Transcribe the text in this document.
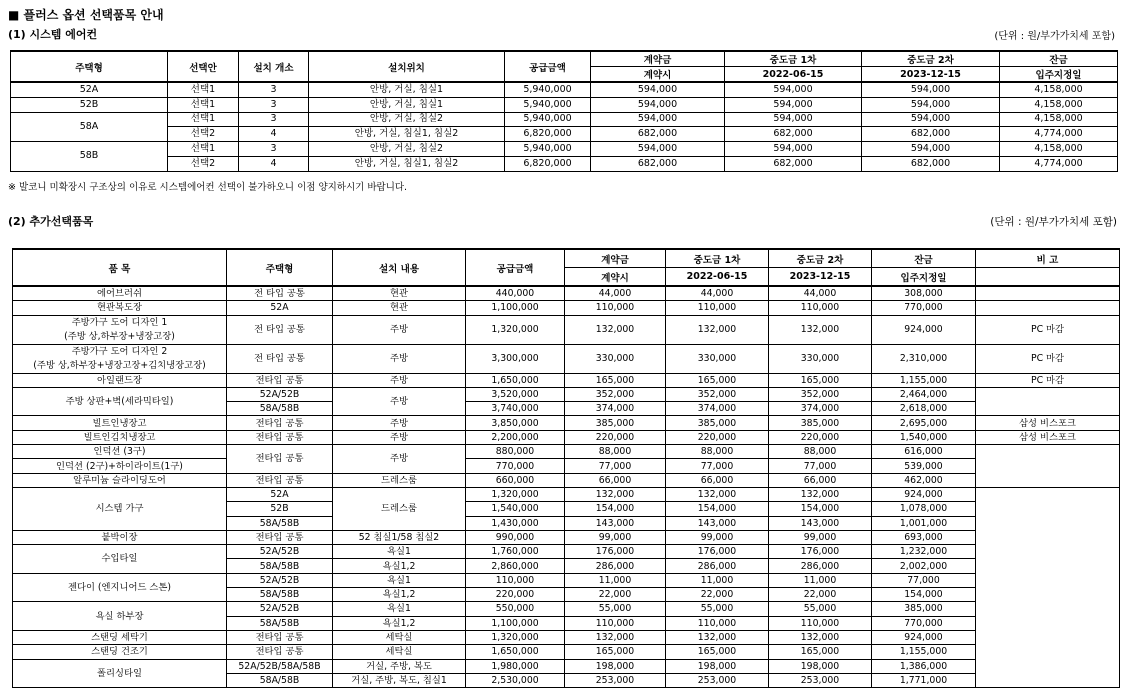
■ 플러스 옵션 선택품목 안내
(1) 시스템 에어컨	(단위 : 원/부가가치세 포함)
주택형	선택안	설치 개소	설치위치	공급금액	계약금	중도금 1차	중도금 2차	잔금
					계약시	2022-06-15	2023-12-15	입주지정일
52A	선택1	3	안방, 거실, 침실1	5,940,000	594,000	594,000	594,000	4,158,000
52B	선택1	3	안방, 거실, 침실1	5,940,000	594,000	594,000	594,000	4,158,000
58A	선택1	3	안방, 거실, 침실2	5,940,000	594,000	594,000	594,000	4,158,000
	선택2	4	안방, 거실, 침실1, 침실2	6,820,000	682,000	682,000	682,000	4,774,000
58B	선택1	3	안방, 거실, 침실2	5,940,000	594,000	594,000	594,000	4,158,000
	선택2	4	안방, 거실, 침실1, 침실2	6,820,000	682,000	682,000	682,000	4,774,000
※ 발코니 미확장시 구조상의 이유로 시스템에어컨 선택이 불가하오니 이점 양지하시기 바랍니다.
(2) 추가선택품목	(단위 : 원/부가가치세 포함)
품 목	주택형	설치 내용	공급금액	계약금	중도금 1차	중도금 2차	잔금	비 고
				계약시	2022-06-15	2023-12-15	입주지정일	
에어브러쉬	전 타입 공통	현관	440,000	44,000	44,000	44,000	308,000	
현관복도장	52A	현관	1,100,000	110,000	110,000	110,000	770,000	
주방가구 도어 디자인 1
(주방 상,하부장+냉장고장)	전 타입 공통	주방	1,320,000	132,000	132,000	132,000	924,000	PC 마감
주방가구 도어 디자인 2
(주방 상,하부장+냉장고장+김치냉장고장)	전 타입 공통	주방	3,300,000	330,000	330,000	330,000	2,310,000	PC 마감
아일랜드장	전타입 공통	주방	1,650,000	165,000	165,000	165,000	1,155,000	PC 마감
주방 상판+벽(세라믹타일)	52A/52B	주방	3,520,000	352,000	352,000	352,000	2,464,000	
	58A/58B		3,740,000	374,000	374,000	374,000	2,618,000	
빌트인냉장고	전타입 공통	주방	3,850,000	385,000	385,000	385,000	2,695,000	삼성 비스포크
빌트인김치냉장고	전타입 공통	주방	2,200,000	220,000	220,000	220,000	1,540,000	삼성 비스포크
인덕션 (3구)	전타입 공통	주방	880,000	88,000	88,000	88,000	616,000	
인덕션 (2구)+하이라이트(1구)			770,000	77,000	77,000	77,000	539,000	
알루미늄 슬라이딩도어	전타입 공통	드레스룸	660,000	66,000	66,000	66,000	462,000	
시스템 가구	52A	드레스룸	1,320,000	132,000	132,000	132,000	924,000	
	52B		1,540,000	154,000	154,000	154,000	1,078,000	
	58A/58B		1,430,000	143,000	143,000	143,000	1,001,000	
붙박이장	전타입 공통	52 침실1/58 침실2	990,000	99,000	99,000	99,000	693,000	
수입타일	52A/52B	욕실1	1,760,000	176,000	176,000	176,000	1,232,000	
	58A/58B	욕실1,2	2,860,000	286,000	286,000	286,000	2,002,000	
젠다이 (엔지니어드 스톤)	52A/52B	욕실1	110,000	11,000	11,000	11,000	77,000	
	58A/58B	욕실1,2	220,000	22,000	22,000	22,000	154,000	
욕실 하부장	52A/52B	욕실1	550,000	55,000	55,000	55,000	385,000	
	58A/58B	욕실1,2	1,100,000	110,000	110,000	110,000	770,000	
스탠딩 세탁기	전타입 공통	세탁실	1,320,000	132,000	132,000	132,000	924,000	
스탠딩 건조기	전타입 공통	세탁실	1,650,000	165,000	165,000	165,000	1,155,000	
폴리싱타일	52A/52B/58A/58B	거실, 주방, 복도	1,980,000	198,000	198,000	198,000	1,386,000	
	58A/58B	거실, 주방, 복도, 침실1	2,530,000	253,000	253,000	253,000	1,771,000	
